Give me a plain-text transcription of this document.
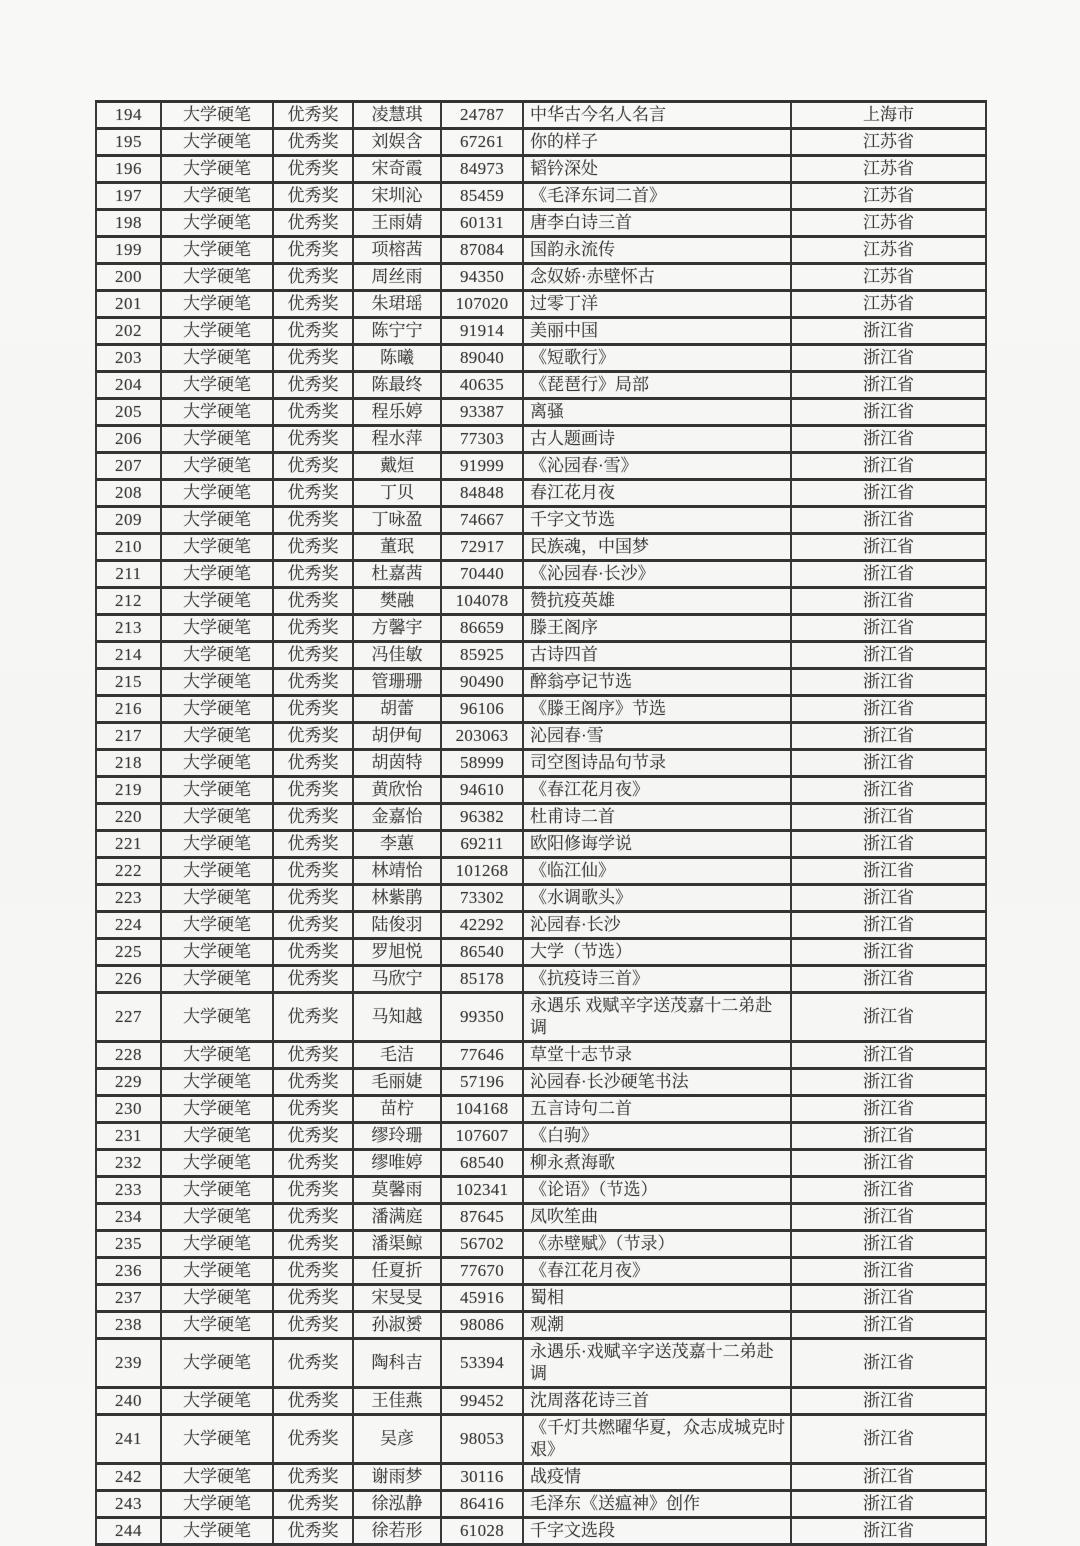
194	大学硬笔	优秀奖	凌慧琪	24787	中华古今名人名言	上海市
195	大学硬笔	优秀奖	刘娱含	67261	你的样子	江苏省
196	大学硬笔	优秀奖	宋奇霞	84973	韬钤深处	江苏省
197	大学硬笔	优秀奖	宋圳沁	85459	《毛泽东词二首》	江苏省
198	大学硬笔	优秀奖	王雨婧	60131	唐李白诗三首	江苏省
199	大学硬笔	优秀奖	项榕茜	87084	国韵永流传	江苏省
200	大学硬笔	优秀奖	周丝雨	94350	念奴娇·赤壁怀古	江苏省
201	大学硬笔	优秀奖	朱珺瑶	107020	过零丁洋	江苏省
202	大学硬笔	优秀奖	陈宁宁	91914	美丽中国	浙江省
203	大学硬笔	优秀奖	陈曦	89040	《短歌行》	浙江省
204	大学硬笔	优秀奖	陈最终	40635	《琵琶行》局部	浙江省
205	大学硬笔	优秀奖	程乐婷	93387	离骚	浙江省
206	大学硬笔	优秀奖	程水萍	77303	古人题画诗	浙江省
207	大学硬笔	优秀奖	戴烜	91999	《沁园春·雪》	浙江省
208	大学硬笔	优秀奖	丁贝	84848	春江花月夜	浙江省
209	大学硬笔	优秀奖	丁咏盈	74667	千字文节选	浙江省
210	大学硬笔	优秀奖	董珉	72917	民族魂，中国梦	浙江省
211	大学硬笔	优秀奖	杜嘉茜	70440	《沁园春·长沙》	浙江省
212	大学硬笔	优秀奖	樊融	104078	赞抗疫英雄	浙江省
213	大学硬笔	优秀奖	方馨宇	86659	滕王阁序	浙江省
214	大学硬笔	优秀奖	冯佳敏	85925	古诗四首	浙江省
215	大学硬笔	优秀奖	管珊珊	90490	醉翁亭记节选	浙江省
216	大学硬笔	优秀奖	胡蕾	96106	《滕王阁序》节选	浙江省
217	大学硬笔	优秀奖	胡伊甸	203063	沁园春·雪	浙江省
218	大学硬笔	优秀奖	胡茵特	58999	司空图诗品句节录	浙江省
219	大学硬笔	优秀奖	黄欣怡	94610	《春江花月夜》	浙江省
220	大学硬笔	优秀奖	金嘉怡	96382	杜甫诗二首	浙江省
221	大学硬笔	优秀奖	李蕙	69211	欧阳修诲学说	浙江省
222	大学硬笔	优秀奖	林靖怡	101268	《临江仙》	浙江省
223	大学硬笔	优秀奖	林紫鹃	73302	《水调歌头》	浙江省
224	大学硬笔	优秀奖	陆俊羽	42292	沁园春·长沙	浙江省
225	大学硬笔	优秀奖	罗旭悦	86540	大学（节选）	浙江省
226	大学硬笔	优秀奖	马欣宁	85178	《抗疫诗三首》	浙江省
227	大学硬笔	优秀奖	马知越	99350	永遇乐 戏赋辛字送茂嘉十二弟赴调	浙江省
228	大学硬笔	优秀奖	毛洁	77646	草堂十志节录	浙江省
229	大学硬笔	优秀奖	毛丽婕	57196	沁园春·长沙硬笔书法	浙江省
230	大学硬笔	优秀奖	苗柠	104168	五言诗句二首	浙江省
231	大学硬笔	优秀奖	缪玲珊	107607	《白驹》	浙江省
232	大学硬笔	优秀奖	缪唯婷	68540	柳永煮海歌	浙江省
233	大学硬笔	优秀奖	莫馨雨	102341	《论语》（节选）	浙江省
234	大学硬笔	优秀奖	潘满庭	87645	凤吹笙曲	浙江省
235	大学硬笔	优秀奖	潘渠鲸	56702	《赤壁赋》（节录）	浙江省
236	大学硬笔	优秀奖	任夏折	77670	《春江花月夜》	浙江省
237	大学硬笔	优秀奖	宋旻旻	45916	蜀相	浙江省
238	大学硬笔	优秀奖	孙淑赟	98086	观潮	浙江省
239	大学硬笔	优秀奖	陶科吉	53394	永遇乐·戏赋辛字送茂嘉十二弟赴调	浙江省
240	大学硬笔	优秀奖	王佳燕	99452	沈周落花诗三首	浙江省
241	大学硬笔	优秀奖	吴彦	98053	《千灯共燃曜华夏，众志成城克时艰》	浙江省
242	大学硬笔	优秀奖	谢雨梦	30116	战疫情	浙江省
243	大学硬笔	优秀奖	徐泓静	86416	毛泽东《送瘟神》创作	浙江省
244	大学硬笔	优秀奖	徐若形	61028	千字文选段	浙江省
